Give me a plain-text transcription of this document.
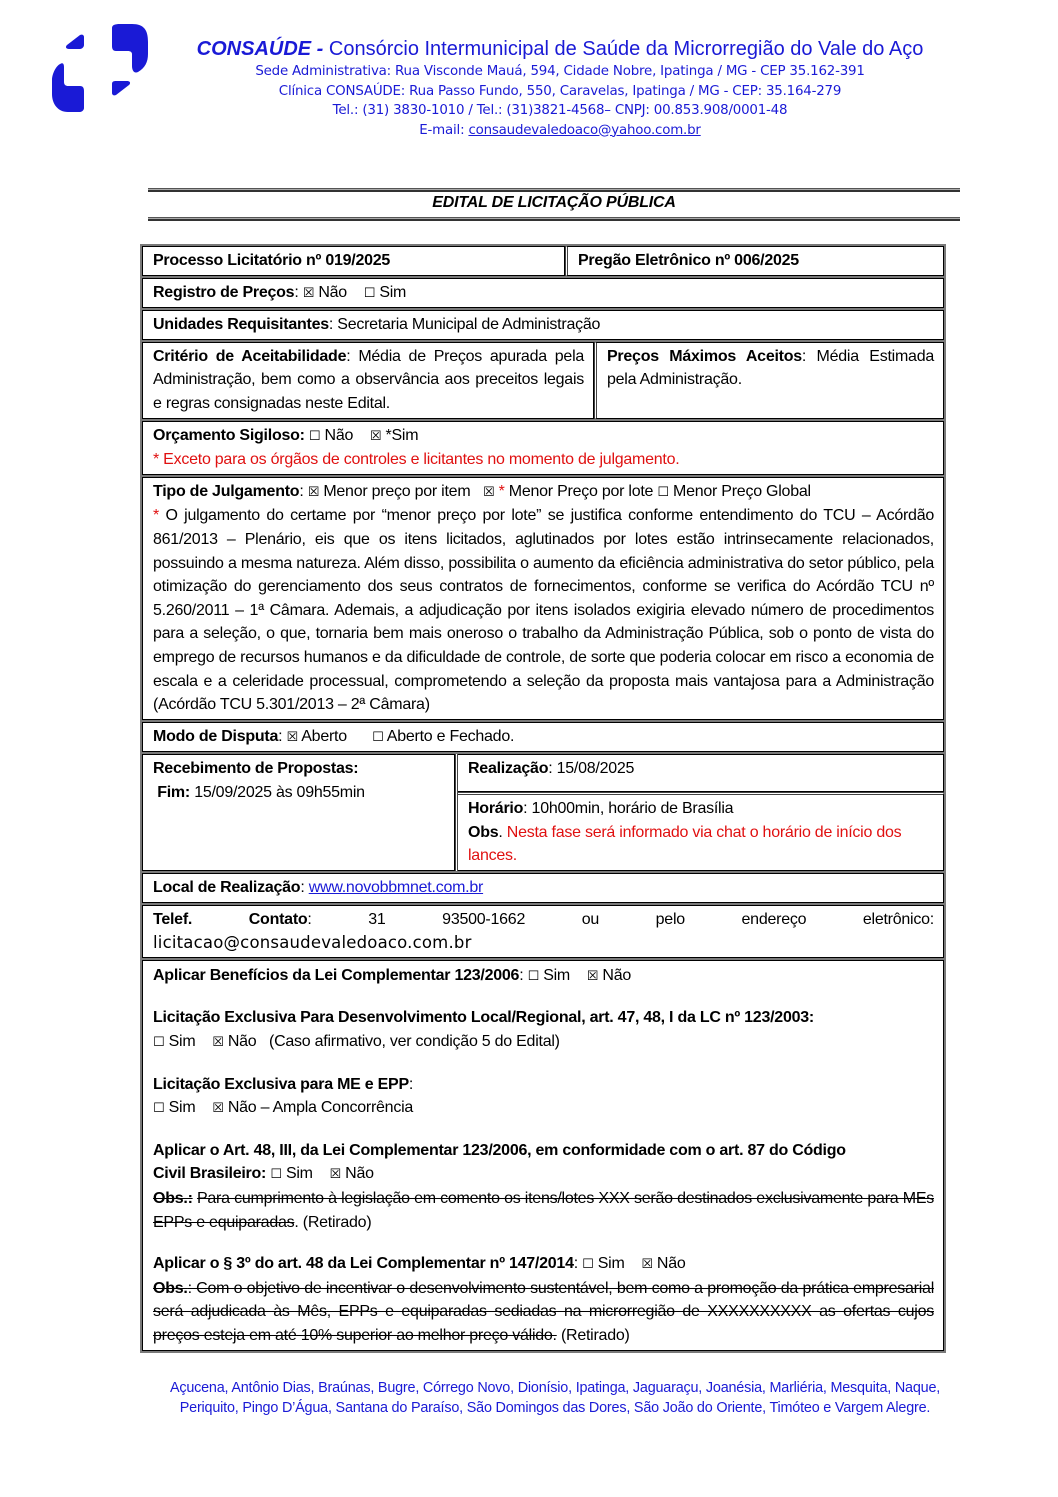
CONSAÚDE - Consórcio Intermunicipal de Saúde da Microrregião do Vale do Aço
Sede Administrativa: Rua Visconde Mauá, 594, Cidade Nobre, Ipatinga / MG - CEP 35.162-391
Clínica CONSAÚDE: Rua Passo Fundo, 550, Caravelas, Ipatinga / MG - CEP: 35.164-279
Tel.: (31) 3830-1010 / Tel.: (31)3821-4568– CNPJ: 00.853.908/0001-48
E-mail: consaudevaledoaco@yahoo.com.br
EDITAL DE LICITAÇÃO PÚBLICA
Processo Licitatório nº 019/2025	Pregão Eletrônico nº 006/2025
Registro de Preços: ☒ Não ☐ Sim
Unidades Requisitantes: Secretaria Municipal de Administração
Critério de Aceitabilidade: Média de Preços apurada pela Administração, bem como a observância aos preceitos legais e regras consignadas neste Edital.
Preços Máximos Aceitos: Média Estimada pela Administração.
Orçamento Sigiloso: ☐ Não ☒ *Sim
* Exceto para os órgãos de controles e licitantes no momento de julgamento.
Tipo de Julgamento: ☒ Menor preço por item ☒ * Menor Preço por lote ☐ Menor Preço Global
* O julgamento do certame por “menor preço por lote” se justifica conforme entendimento do TCU – Acórdão 861/2013 – Plenário, eis que os itens licitados, aglutinados por lotes estão intrinsecamente relacionados, possuindo a mesma natureza. Além disso, possibilita o aumento da eficiência administrativa do setor público, pela otimização do gerenciamento dos seus contratos de fornecimentos, conforme se verifica do Acórdão TCU nº 5.260/2011 – 1ª Câmara. Ademais, a adjudicação por itens isolados exigiria elevado número de procedimentos para a seleção, o que, tornaria bem mais oneroso o trabalho da Administração Pública, sob o ponto de vista do emprego de recursos humanos e da dificuldade de controle, de sorte que poderia colocar em risco a economia de escala e a celeridade processual, comprometendo a seleção da proposta mais vantajosa para a Administração (Acórdão TCU 5.301/2013 – 2ª Câmara)
Modo de Disputa: ☒ Aberto ☐ Aberto e Fechado.
Recebimento de Propostas:
Fim: 15/09/2025 às 09h55min
Realização: 15/08/2025
Horário: 10h00min, horário de Brasília
Obs. Nesta fase será informado via chat o horário de início dos lances.
Local de Realização: www.novobbmnet.com.br
Telef.	Contato:	31	93500-1662	ou	pelo	endereço	eletrônico:
licitacao@consaudevaledoaco.com.br
Aplicar Benefícios da Lei Complementar 123/2006: ☐ Sim ☒ Não
Licitação Exclusiva Para Desenvolvimento Local/Regional, art. 47, 48, I da LC nº 123/2003:
☐ Sim ☒ Não (Caso afirmativo, ver condição 5 do Edital)
Licitação Exclusiva para ME e EPP:
☐ Sim ☒ Não – Ampla Concorrência
Aplicar o Art. 48, III, da Lei Complementar 123/2006, em conformidade com o art. 87 do Código
Civil Brasileiro: ☐ Sim ☒ Não
Obs.: Para cumprimento à legislação em comento os itens/lotes XXX serão destinados exclusivamente para MEs EPPs e equiparadas. (Retirado)
Aplicar o § 3º do art. 48 da Lei Complementar nº 147/2014: ☐ Sim ☒ Não
Obs.: Com o objetivo de incentivar o desenvolvimento sustentável, bem como a promoção da prática empresarial será adjudicada às Mês, EPPs e equiparadas sediadas na microrregião de XXXXXXXXXX as ofertas cujos preços esteja em até 10% superior ao melhor preço válido. (Retirado)
Açucena, Antônio Dias, Braúnas, Bugre, Córrego Novo, Dionísio, Ipatinga, Jaguaraçu, Joanésia, Marliéria, Mesquita, Naque,
Periquito, Pingo D’Água, Santana do Paraíso, São Domingos das Dores, São João do Oriente, Timóteo e Vargem Alegre.
